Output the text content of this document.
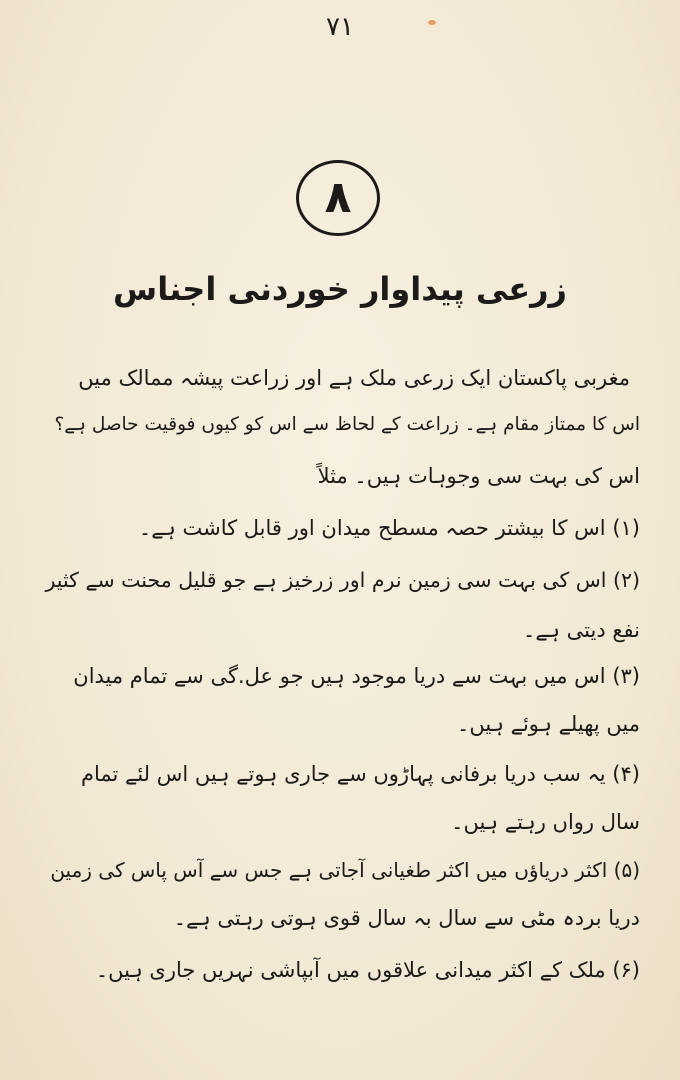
۷۱
۸
زرعی پیداوار خوردنی اجناس
مغربی پاکستان ایک زرعی ملک ہے اور زراعت پیشہ ممالک میں
اس کا ممتاز مقام ہے۔ زراعت کے لحاظ سے اس کو کیوں فوقیت حاصل ہے؟
اس کی بہت سی وجوہات ہیں۔ مثلاً
(۱) اس کا بیشتر حصہ مسطح میدان اور قابل کاشت ہے۔
(۲) اس کی بہت سی زمین نرم اور زرخیز ہے جو قلیل محنت سے کثیر
نفع دیتی ہے۔
(۳) اس میں بہت سے دریا موجود ہیں جو عل.گی سے تمام میدان
میں پھیلے ہوئے ہیں۔
(۴) یہ سب دریا برفانی پہاڑوں سے جاری ہوتے ہیں اس لئے تمام
سال رواں رہتے ہیں۔
(۵) اکثر دریاؤں میں اکثر طغیانی آجاتی ہے جس سے آس پاس کی زمین
دریا بردہ مٹی سے سال بہ سال قوی ہوتی رہتی ہے۔
(۶) ملک کے اکثر میدانی علاقوں میں آبپاشی نہریں جاری ہیں۔
